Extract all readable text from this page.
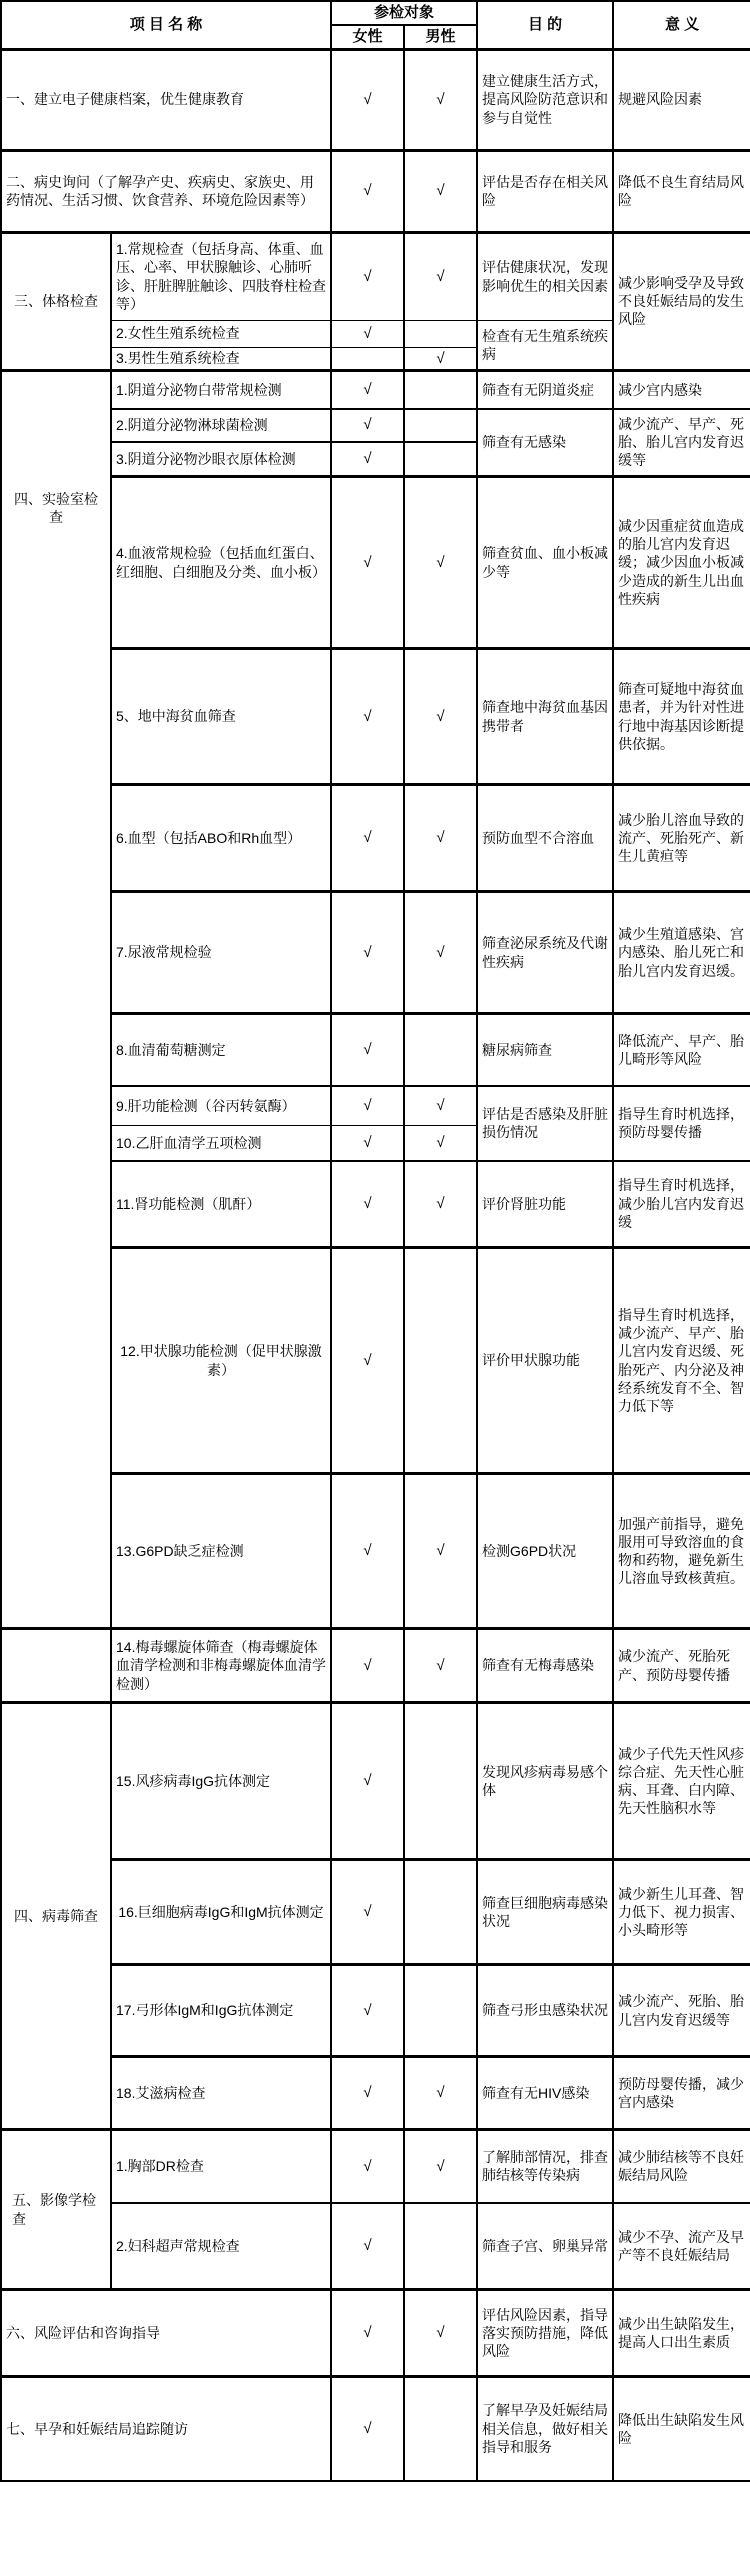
项 目 名 称		参检对象		目 的	意 义
		女性	男性		
一、建立电子健康档案，优生健康教育		√	√	建立健康生活方式，提高风险防范意识和参与自觉性	规避风险因素
二、病史询问（了解孕产史、疾病史、家族史、用药情况、生活习惯、饮食营养、环境危险因素等）		√	√	评估是否存在相关风险	降低不良生育结局风险
三、体格检查	1.常规检查（包括身高、体重、血压、心率、甲状腺触诊、心肺听诊、肝脏脾脏触诊、四肢脊柱检查等）	√	√	评估健康状况，发现影响优生的相关因素	减少影响受孕及导致不良妊娠结局的发生风险
	2.女性生殖系统检查	√		检查有无生殖系统疾病	
	3.男性生殖系统检查		√		
四、实验室检查	1.阴道分泌物白带常规检测	√		筛查有无阴道炎症	减少宫内感染
	2.阴道分泌物淋球菌检测	√		筛查有无感染	减少流产、早产、死胎、胎儿宫内发育迟缓等
	3.阴道分泌物沙眼衣原体检测	√			
	4.血液常规检验（包括血红蛋白、红细胞、白细胞及分类、血小板）	√	√	筛查贫血、血小板减少等	减少因重症贫血造成的胎儿宫内发育迟缓；减少因血小板减少造成的新生儿出血性疾病
	5、地中海贫血筛查	√	√	筛查地中海贫血基因携带者	筛查可疑地中海贫血患者，并为针对性进行地中海基因诊断提供依据。
	6.血型（包括ABO和Rh血型）	√	√	预防血型不合溶血	减少胎儿溶血导致的流产、死胎死产、新生儿黄疸等
	7.尿液常规检验	√	√	筛查泌尿系统及代谢性疾病	减少生殖道感染、宫内感染、胎儿死亡和胎儿宫内发育迟缓。
	8.血清葡萄糖测定	√		糖尿病筛查	降低流产、早产、胎儿畸形等风险
	9.肝功能检测（谷丙转氨酶）	√	√	评估是否感染及肝脏损伤情况	指导生育时机选择，预防母婴传播
	10.乙肝血清学五项检测	√	√		
	11.肾功能检测（肌酐）	√	√	评价肾脏功能	指导生育时机选择，减少胎儿宫内发育迟缓
	12.甲状腺功能检测（促甲状腺激素）	√		评价甲状腺功能	指导生育时机选择，减少流产、早产、胎儿宫内发育迟缓、死胎死产、内分泌及神经系统发育不全、智力低下等
	13.G6PD缺乏症检测	√	√	检测G6PD状况	加强产前指导，避免服用可导致溶血的食物和药物，避免新生儿溶血导致核黄疸。
	14.梅毒螺旋体筛查（梅毒螺旋体血清学检测和非梅毒螺旋体血清学检测）	√	√	筛查有无梅毒感染	减少流产、死胎死产、预防母婴传播
四、病毒筛查	15.风疹病毒IgG抗体测定	√		发现风疹病毒易感个体	减少子代先天性风疹综合症、先天性心脏病、耳聋、白内障、先天性脑积水等
	16.巨细胞病毒IgG和IgM抗体测定	√		筛查巨细胞病毒感染状况	减少新生儿耳聋、智力低下、视力损害、小头畸形等
	17.弓形体IgM和IgG抗体测定	√		筛查弓形虫感染状况	减少流产、死胎、胎儿宫内发育迟缓等
	18.艾滋病检查	√	√	筛查有无HIV感染	预防母婴传播，减少宫内感染
五、影像学检查	1.胸部DR检查	√	√	了解肺部情况，排查肺结核等传染病	减少肺结核等不良妊娠结局风险
	2.妇科超声常规检查	√		筛查子宫、卵巢异常	减少不孕、流产及早产等不良妊娠结局
六、风险评估和咨询指导		√	√	评估风险因素，指导落实预防措施，降低风险	减少出生缺陷发生，提高人口出生素质
七、早孕和妊娠结局追踪随访		√		了解早孕及妊娠结局相关信息，做好相关指导和服务	降低出生缺陷发生风险
